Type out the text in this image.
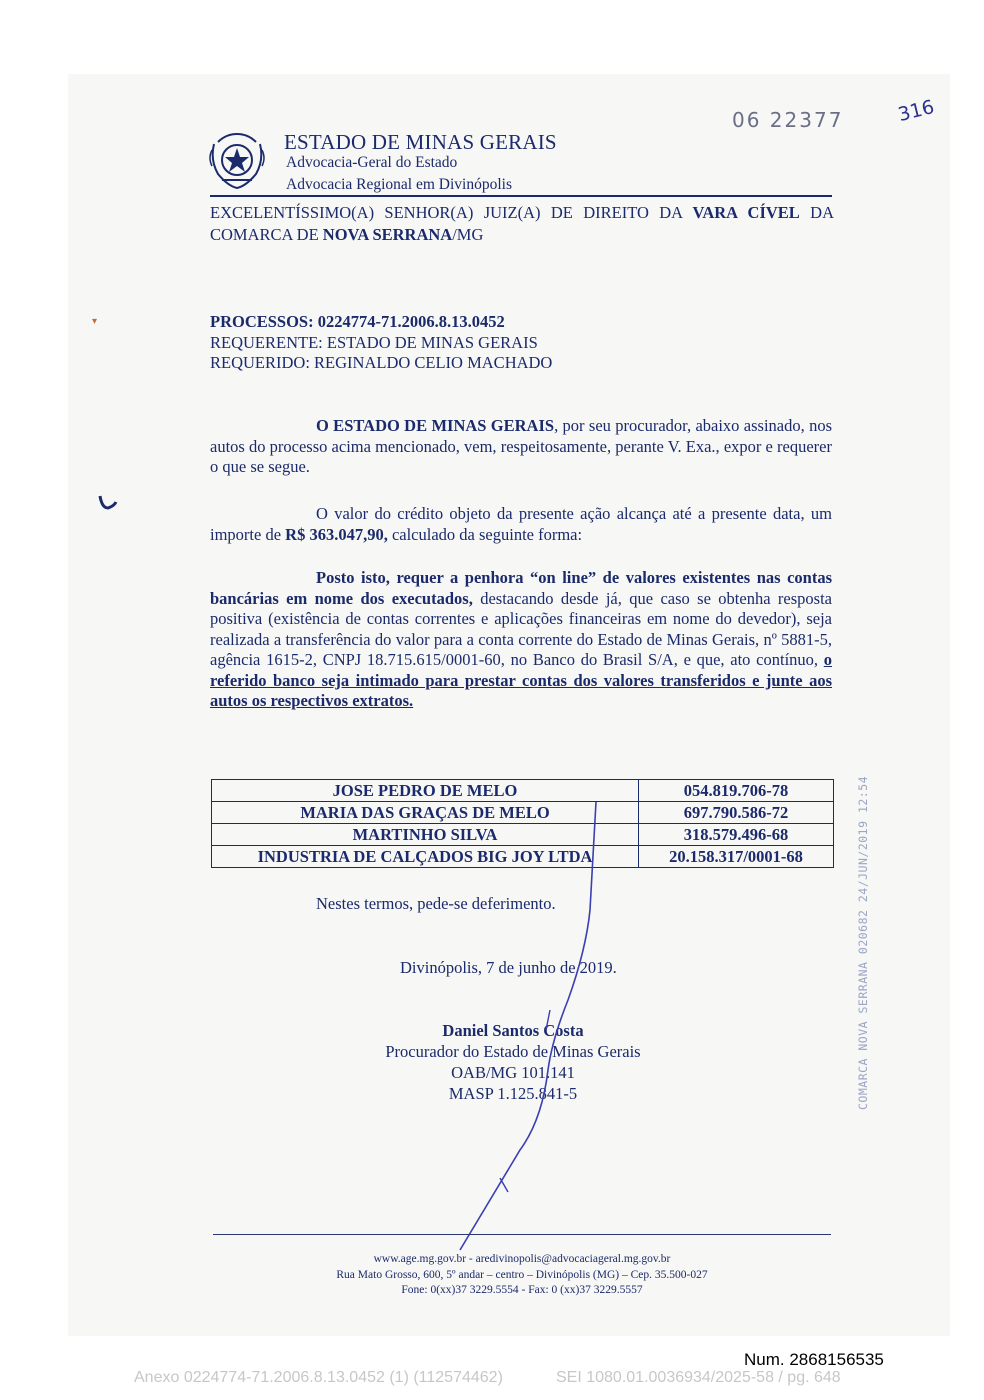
ESTADO DE MINAS GERAIS
Advocacia-Geral do Estado
Advocacia Regional em Divinópolis
06 22377	316
▾
EXCELENTÍSSIMO(A) SENHOR(A) JUIZ(A) DE DIREITO DA VARA CÍVEL DA COMARCA DE NOVA SERRANA/MG
PROCESSOS: 0224774-71.2006.8.13.0452
REQUERENTE: ESTADO DE MINAS GERAIS
REQUERIDO: REGINALDO CELIO MACHADO
O ESTADO DE MINAS GERAIS, por seu procurador, abaixo assinado, nos autos do processo acima mencionado, vem, respeitosamente, perante V. Exa., expor e requerer o que se segue.
O valor do crédito objeto da presente ação alcança até a presente data, um importe de R$ 363.047,90, calculado da seguinte forma:
Posto isto, requer a penhora “on line” de valores existentes nas contas bancárias em nome dos executados, destacando desde já, que caso se obtenha resposta positiva (existência de contas correntes e aplicações financeiras em nome do devedor), seja realizada a transferência do valor para a conta corrente do Estado de Minas Gerais, nº 5881-5, agência 1615-2, CNPJ 18.715.615/0001-60, no Banco do Brasil S/A, e que, ato contínuo, o referido banco seja intimado para prestar contas dos valores transferidos e junte aos autos os respectivos extratos.
JOSE PEDRO DE MELO	054.819.706-78
MARIA DAS GRAÇAS DE MELO	697.790.586-72
MARTINHO SILVA	318.579.496-68
INDUSTRIA DE CALÇADOS BIG JOY LTDA	20.158.317/0001-68
Nestes termos, pede-se deferimento.
Divinópolis, 7 de junho de 2019.
Daniel Santos Costa
Procurador do Estado de Minas Gerais
OAB/MG 101.141
MASP 1.125.841-5
www.age.mg.gov.br - aredivinopolis@advocaciageral.mg.gov.br
Rua Mato Grosso, 600, 5º andar – centro – Divinópolis (MG) – Cep. 35.500-027
Fone: 0(xx)37 3229.5554 - Fax: 0 (xx)37 3229.5557
COMARCA NOVA SERRANA 020682 24/JUN/2019 12:54
Num. 2868156535
Anexo 0224774-71.2006.8.13.0452 (1) (112574462)	SEI 1080.01.0036934/2025-58 / pg. 648
